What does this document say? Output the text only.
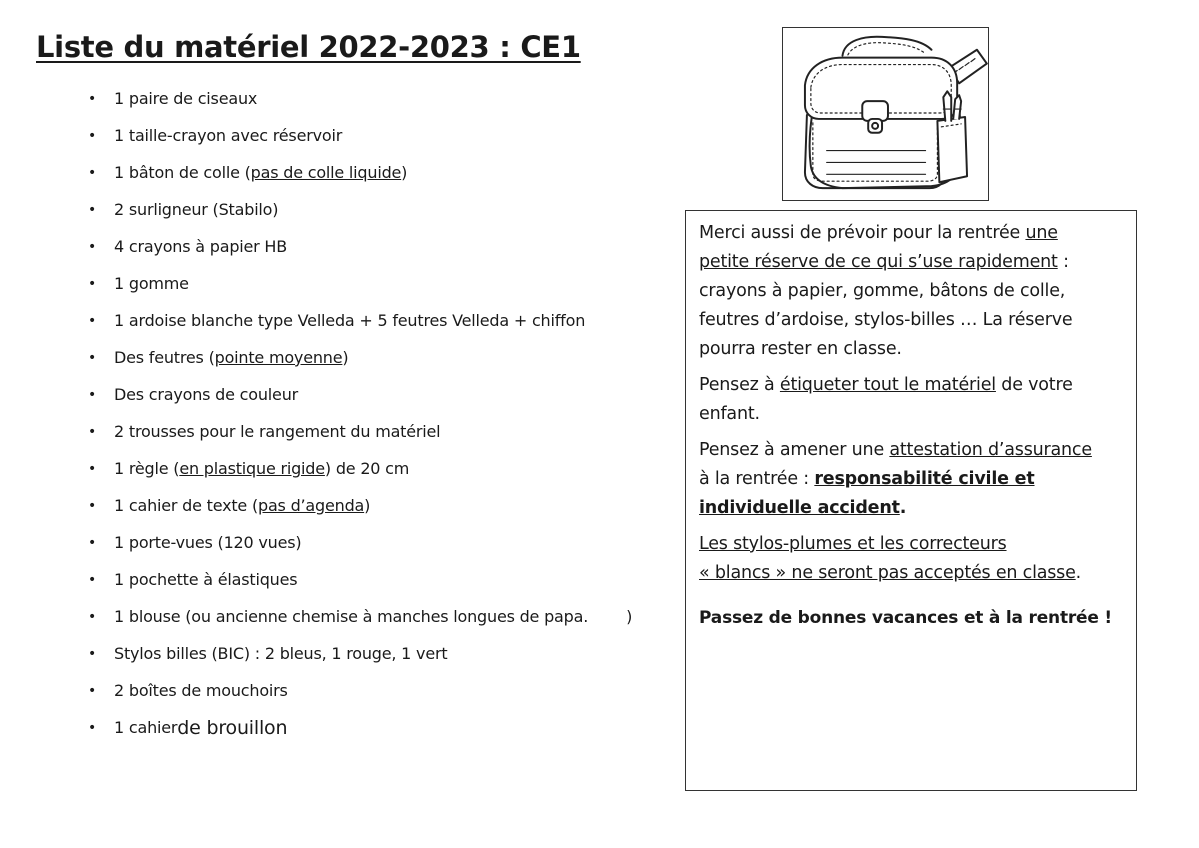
Liste du matériel 2022-2023 : CE1
•	1 paire de ciseaux
•	1 taille-crayon avec réservoir
•	1 bâton de colle ( pas de colle liquide )
•	2 surligneur (Stabilo)
•	4 crayons à papier HB
•	1 gomme
•	1 ardoise blanche type Velleda + 5 feutres Velleda + chiffon
•	Des feutres ( pointe moyenne )
•	Des crayons de couleur
•	2 trousses pour le rangement du matériel
•	1 règle ( en plastique rigide ) de 20 cm
•	1 cahier de texte ( pas d’agenda )
•	1 porte-vues (120 vues)
•	1 pochette à élastiques
•	1 blouse (ou ancienne chemise à manches longues de papa. )
•	Stylos billes (BIC) : 2 bleus, 1 rouge, 1 vert
•	2 boîtes de mouchoirs
•	1 cahier de brouillon

Merci aussi de prévoir pour la rentrée une
petite réserve de ce qui s’use rapidement :
crayons à papier, gomme, bâtons de colle,
feutres d’ardoise, stylos-billes … La réserve
pourra rester en classe.

Pensez à étiqueter tout le matériel de votre
enfant.

Pensez à amener une attestation d’assurance
à la rentrée : responsabilité civile et
individuelle accident.

Les stylos-plumes et les correcteurs
« blancs » ne seront pas acceptés en classe.

Passez de bonnes vacances et à la rentrée !
